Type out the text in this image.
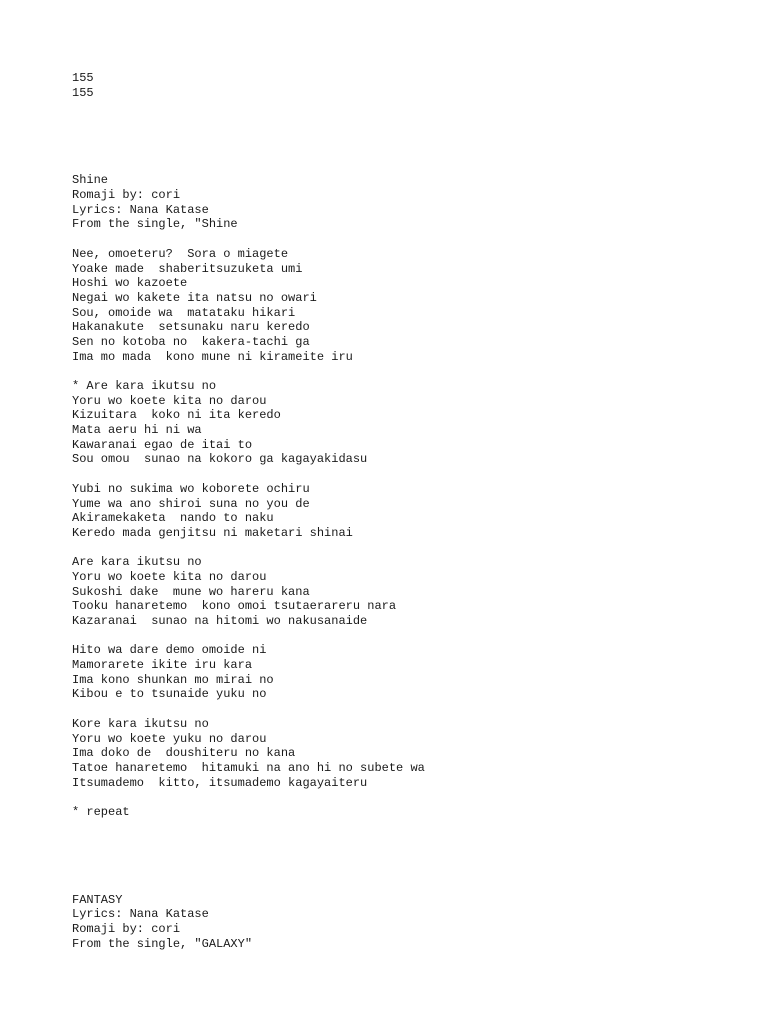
155
155
Shine
Romaji by: cori
Lyrics: Nana Katase
From the single, "Shine
Nee, omoeteru?  Sora o miagete
Yoake made  shaberitsuzuketa umi
Hoshi wo kazoete
Negai wo kakete ita natsu no owari
Sou, omoide wa  matataku hikari
Hakanakute  setsunaku naru keredo
Sen no kotoba no  kakera-tachi ga
Ima mo mada  kono mune ni kirameite iru
* Are kara ikutsu no
Yoru wo koete kita no darou
Kizuitara  koko ni ita keredo
Mata aeru hi ni wa
Kawaranai egao de itai to
Sou omou  sunao na kokoro ga kagayakidasu
Yubi no sukima wo koborete ochiru
Yume wa ano shiroi suna no you de
Akiramekaketa  nando to naku
Keredo mada genjitsu ni maketari shinai
Are kara ikutsu no
Yoru wo koete kita no darou
Sukoshi dake  mune wo hareru kana
Tooku hanaretemo  kono omoi tsutaerareru nara
Kazaranai  sunao na hitomi wo nakusanaide
Hito wa dare demo omoide ni
Mamorarete ikite iru kara
Ima kono shunkan mo mirai no
Kibou e to tsunaide yuku no
Kore kara ikutsu no
Yoru wo koete yuku no darou
Ima doko de  doushiteru no kana
Tatoe hanaretemo  hitamuki na ano hi no subete wa
Itsumademo  kitto, itsumademo kagayaiteru
* repeat
FANTASY
Lyrics: Nana Katase
Romaji by: cori
From the single, "GALAXY"
